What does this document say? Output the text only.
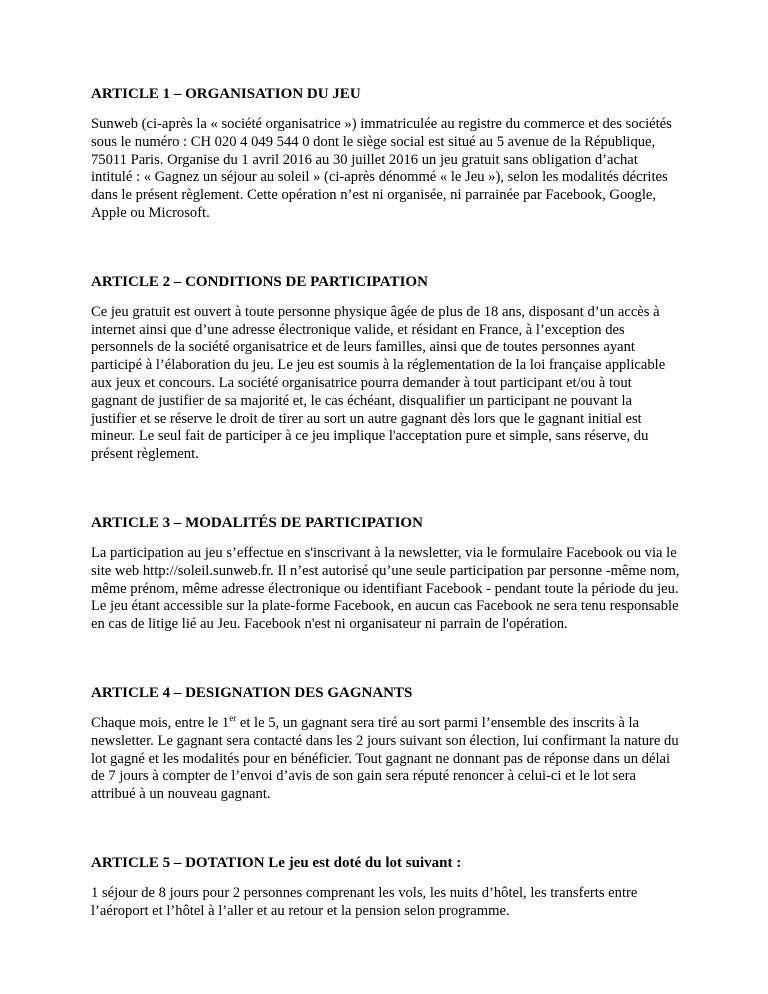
ARTICLE 1 – ORGANISATION DU JEU

Sunweb (ci-après la « société organisatrice ») immatriculée au registre du commerce et des sociétés sous le numéro : CH 020 4 049 544 0 dont le siège social est situé au 5 avenue de la République, 75011 Paris. Organise du 1 avril 2016 au 30 juillet 2016 un jeu gratuit sans obligation d’achat intitulé : « Gagnez un séjour au soleil » (ci-après dénommé « le Jeu »), selon les modalités décrites dans le présent règlement. Cette opération n’est ni organisée, ni parrainée par Facebook, Google, Apple ou Microsoft.

ARTICLE 2 – CONDITIONS DE PARTICIPATION

Ce jeu gratuit est ouvert à toute personne physique âgée de plus de 18 ans, disposant d’un accès à internet ainsi que d’une adresse électronique valide, et résidant en France, à l’exception des personnels de la société organisatrice et de leurs familles, ainsi que de toutes personnes ayant participé à l’élaboration du jeu. Le jeu est soumis à la réglementation de la loi française applicable aux jeux et concours. La société organisatrice pourra demander à tout participant et/ou à tout gagnant de justifier de sa majorité et, le cas échéant, disqualifier un participant ne pouvant la justifier et se réserve le droit de tirer au sort un autre gagnant dès lors que le gagnant initial est mineur. Le seul fait de participer à ce jeu implique l'acceptation pure et simple, sans réserve, du présent règlement.

ARTICLE 3 – MODALITÉS DE PARTICIPATION

La participation au jeu s’effectue en s'inscrivant à la newsletter, via le formulaire Facebook ou via le site web http://soleil.sunweb.fr. Il n’est autorisé qu’une seule participation par personne -même nom, même prénom, même adresse électronique ou identifiant Facebook - pendant toute la période du jeu. Le jeu étant accessible sur la plate-forme Facebook, en aucun cas Facebook ne sera tenu responsable en cas de litige lié au Jeu. Facebook n'est ni organisateur ni parrain de l'opération.

ARTICLE 4 – DESIGNATION DES GAGNANTS

Chaque mois, entre le 1er et le 5, un gagnant sera tiré au sort parmi l’ensemble des inscrits à la newsletter. Le gagnant sera contacté dans les 2 jours suivant son élection, lui confirmant la nature du lot gagné et les modalités pour en bénéficier. Tout gagnant ne donnant pas de réponse dans un délai de 7 jours à compter de l’envoi d’avis de son gain sera réputé renoncer à celui-ci et le lot sera attribué à un nouveau gagnant.

ARTICLE 5 – DOTATION Le jeu est doté du lot suivant :

1 séjour de 8 jours pour 2 personnes comprenant les vols, les nuits d’hôtel, les transferts entre l’aéroport et l’hôtel à l’aller et au retour et la pension selon programme.
